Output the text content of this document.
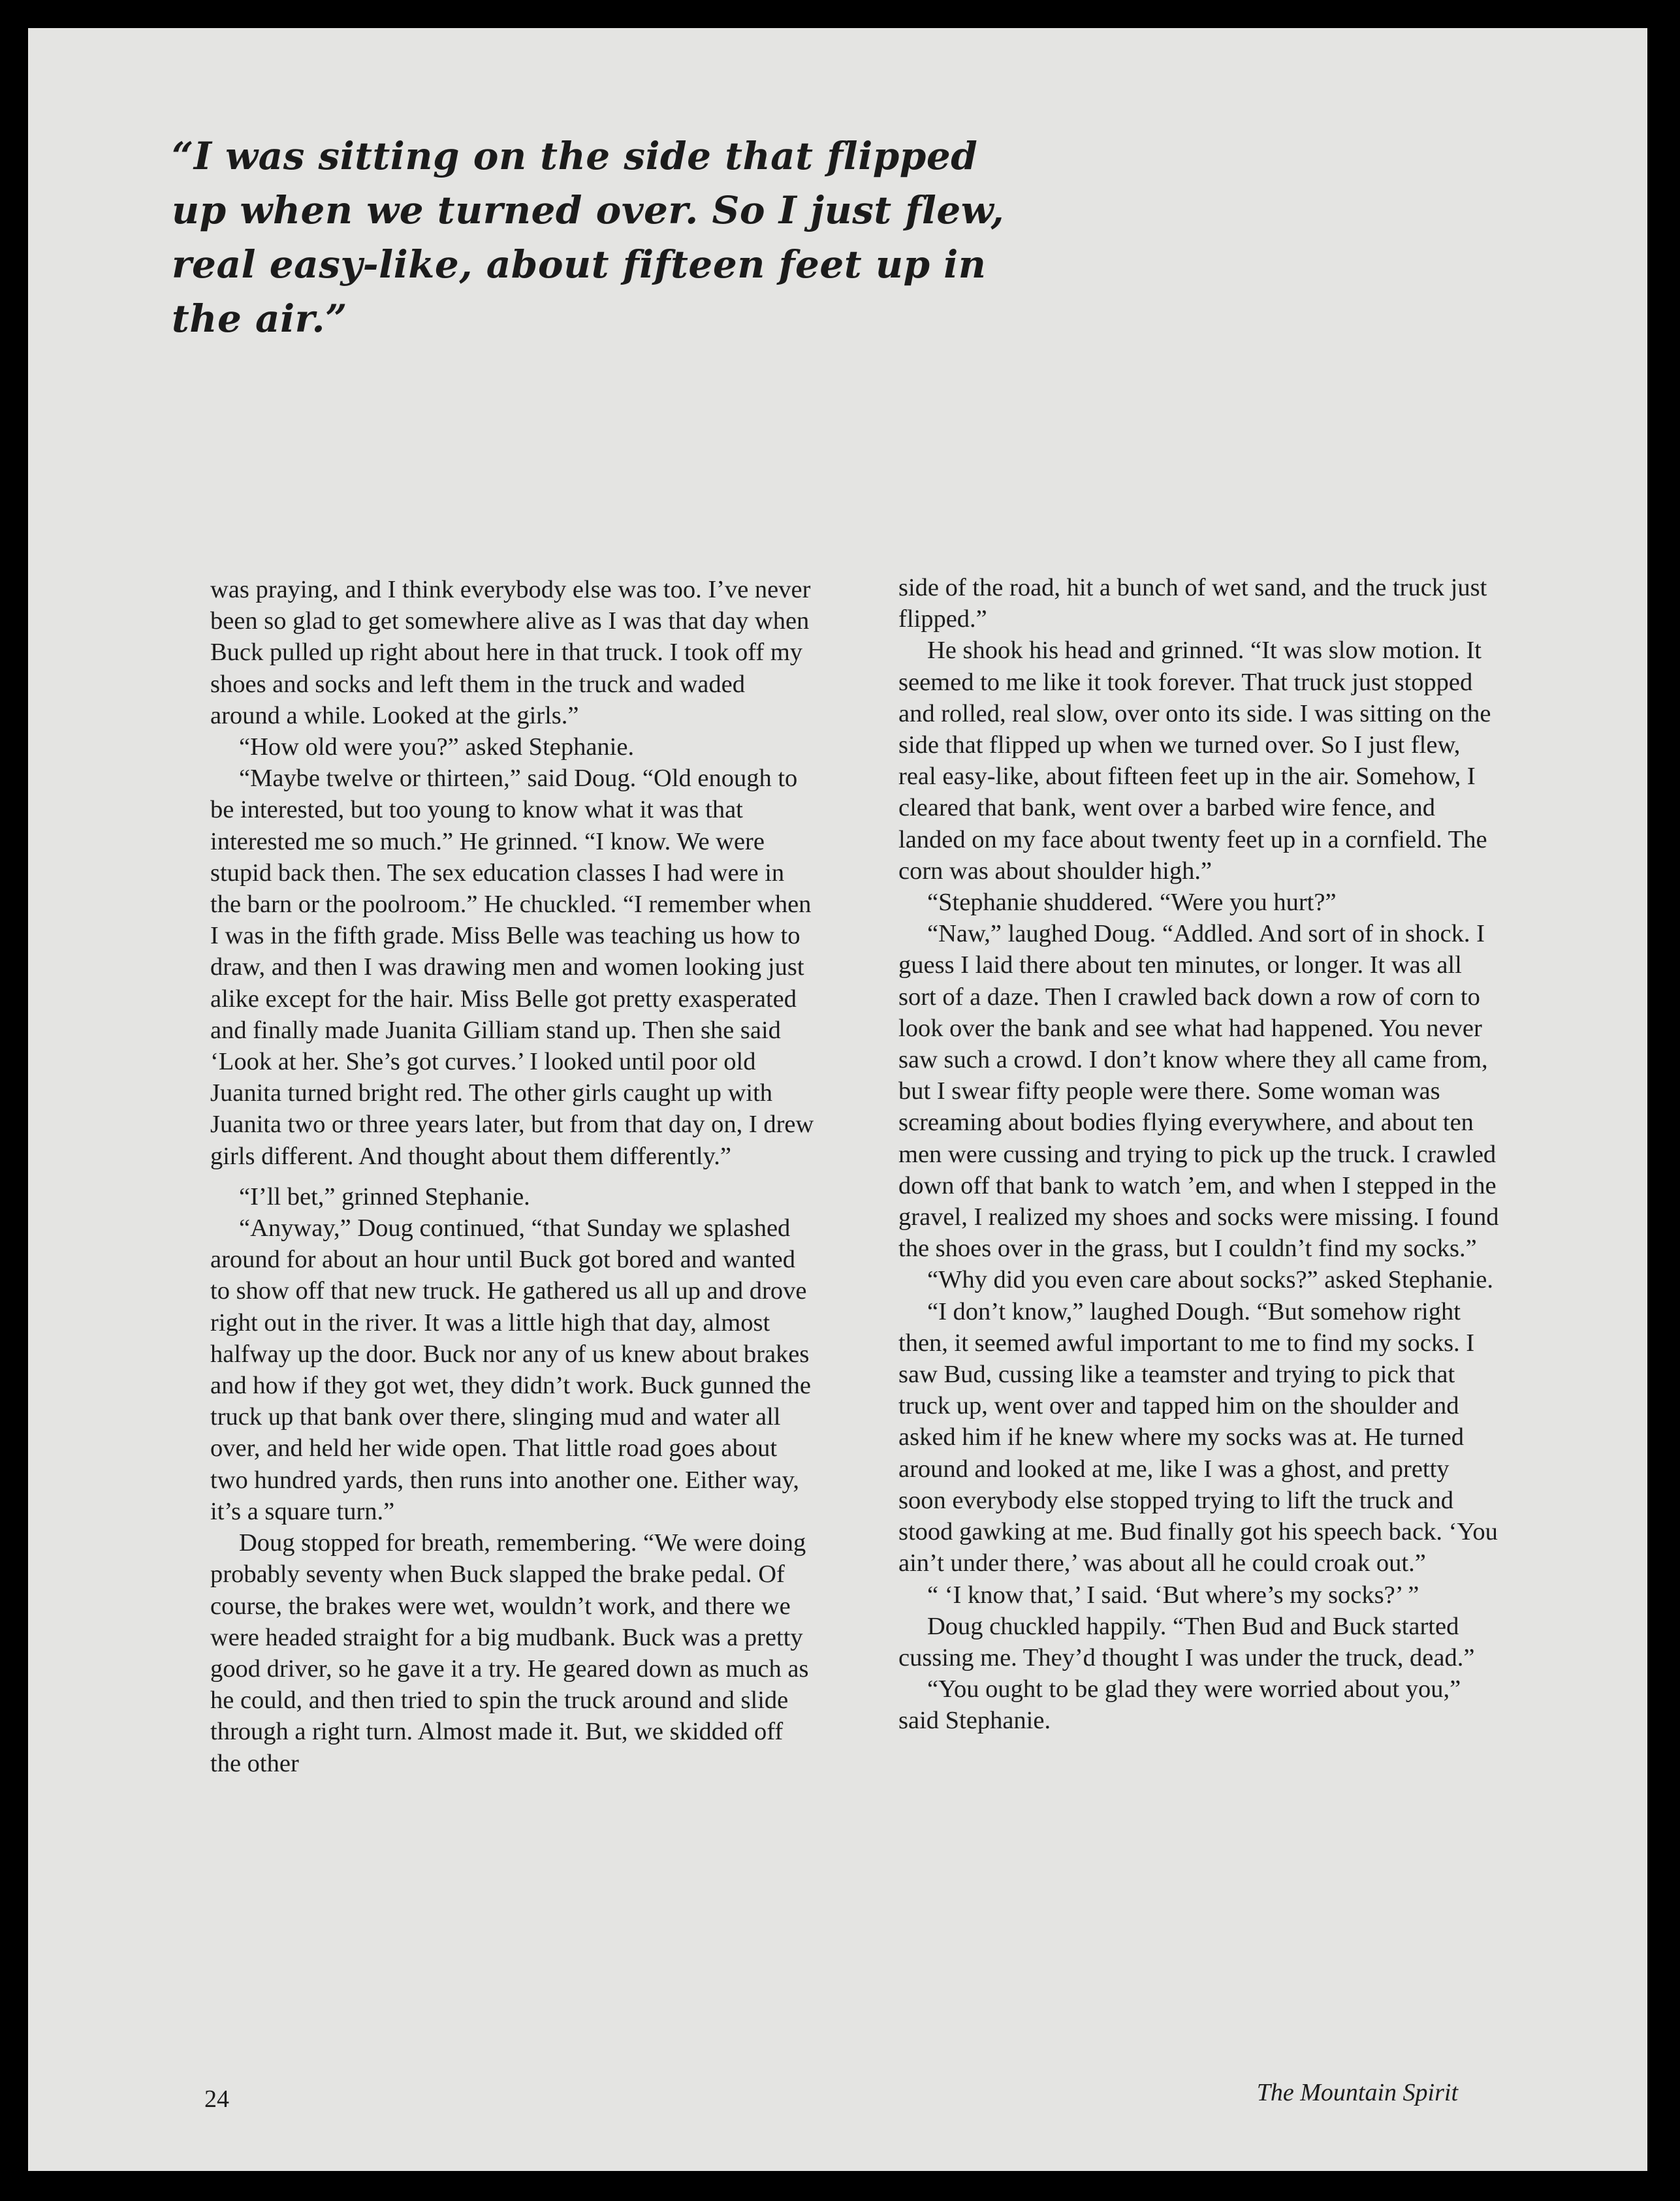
“I was sitting on the side that flipped up when we turned over. So I just flew, real easy-like, about fifteen feet up in the air.”

was praying, and I think everybody else was too. I’ve never been so glad to get somewhere alive as I was that day when Buck pulled up right about here in that truck. I took off my shoes and socks and left them in the truck and waded around a while. Looked at the girls.”

“How old were you?” asked Stephanie.

“Maybe twelve or thirteen,” said Doug. “Old enough to be interested, but too young to know what it was that interested me so much.” He grinned. “I know. We were stupid back then. The sex education classes I had were in the barn or the poolroom.” He chuckled. “I remember when I was in the fifth grade. Miss Belle was teaching us how to draw, and then I was drawing men and women looking just alike except for the hair. Miss Belle got pretty exasperated and finally made Juanita Gilliam stand up. Then she said ‘Look at her. She’s got curves.’ I looked until poor old Juanita turned bright red. The other girls caught up with Juanita two or three years later, but from that day on, I drew girls different. And thought about them differently.”

“I’ll bet,” grinned Stephanie.

“Anyway,” Doug continued, “that Sunday we splashed around for about an hour until Buck got bored and wanted to show off that new truck. He gathered us all up and drove right out in the river. It was a little high that day, almost halfway up the door. Buck nor any of us knew about brakes and how if they got wet, they didn’t work. Buck gunned the truck up that bank over there, slinging mud and water all over, and held her wide open. That little road goes about two hundred yards, then runs into another one. Either way, it’s a square turn.”

Doug stopped for breath, remembering. “We were doing probably seventy when Buck slapped the brake pedal. Of course, the brakes were wet, wouldn’t work, and there we were headed straight for a big mudbank. Buck was a pretty good driver, so he gave it a try. He geared down as much as he could, and then tried to spin the truck around and slide through a right turn. Almost made it. But, we skidded off the other

side of the road, hit a bunch of wet sand, and the truck just flipped.”

He shook his head and grinned. “It was slow motion. It seemed to me like it took forever. That truck just stopped and rolled, real slow, over onto its side. I was sitting on the side that flipped up when we turned over. So I just flew, real easy-like, about fifteen feet up in the air. Somehow, I cleared that bank, went over a barbed wire fence, and landed on my face about twenty feet up in a cornfield. The corn was about shoulder high.”

“Stephanie shuddered. “Were you hurt?”

“Naw,” laughed Doug. “Addled. And sort of in shock. I guess I laid there about ten minutes, or longer. It was all sort of a daze. Then I crawled back down a row of corn to look over the bank and see what had happened. You never saw such a crowd. I don’t know where they all came from, but I swear fifty people were there. Some woman was screaming about bodies flying everywhere, and about ten men were cussing and trying to pick up the truck. I crawled down off that bank to watch ’em, and when I stepped in the gravel, I realized my shoes and socks were missing. I found the shoes over in the grass, but I couldn’t find my socks.”

“Why did you even care about socks?” asked Stephanie.

“I don’t know,” laughed Dough. “But somehow right then, it seemed awful important to me to find my socks. I saw Bud, cussing like a teamster and trying to pick that truck up, went over and tapped him on the shoulder and asked him if he knew where my socks was at. He turned around and looked at me, like I was a ghost, and pretty soon everybody else stopped trying to lift the truck and stood gawking at me. Bud finally got his speech back. ‘You ain’t under there,’ was about all he could croak out.”

“ ‘I know that,’ I said. ‘But where’s my socks?’ ”

Doug chuckled happily. “Then Bud and Buck started cussing me. They’d thought I was under the truck, dead.”

“You ought to be glad they were worried about you,” said Stephanie.

24	The Mountain Spirit
